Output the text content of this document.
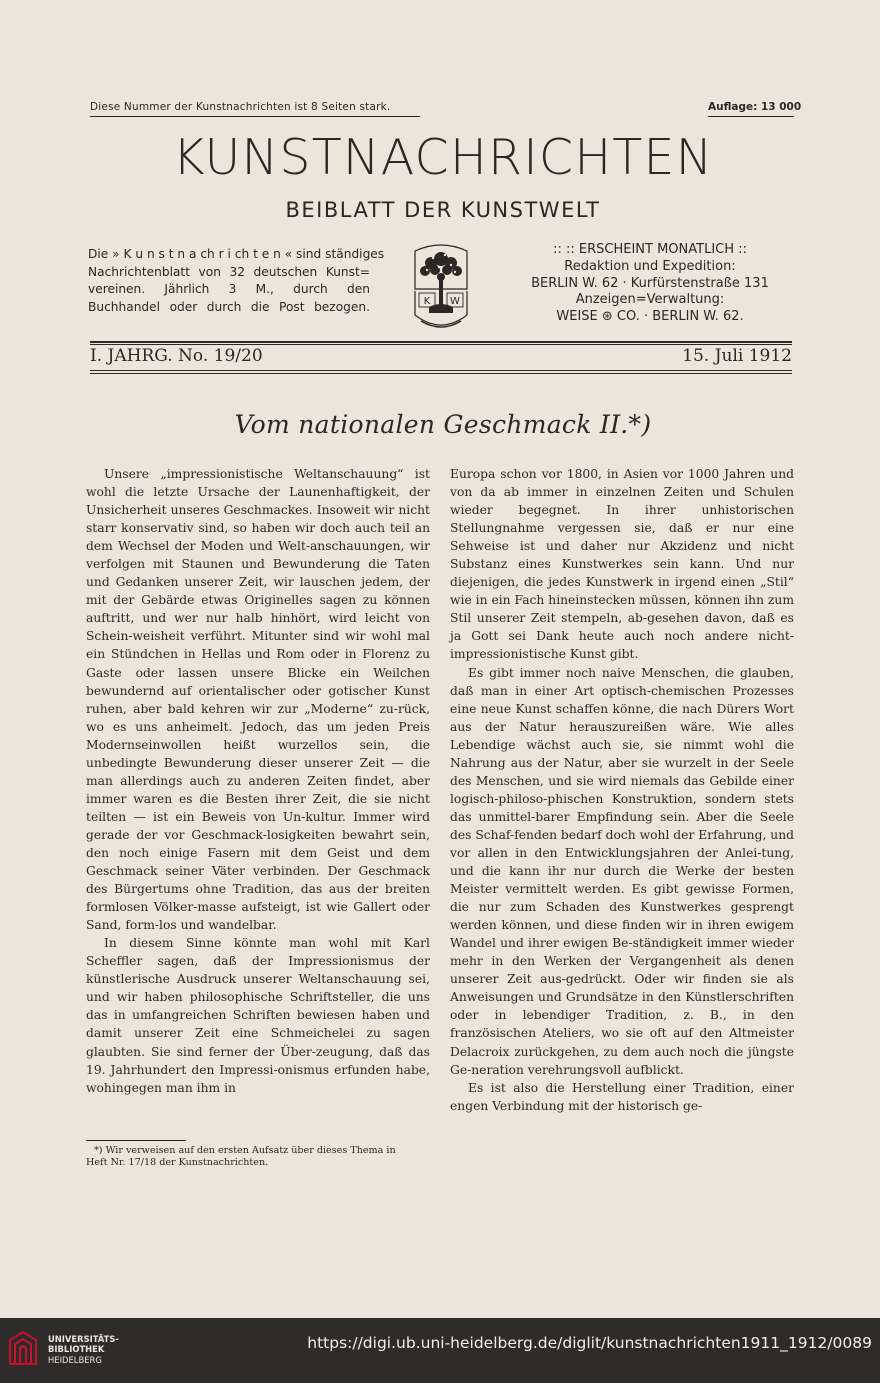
Diese Nummer der Kunstnachrichten ist 8 Seiten stark.	Auflage: 13 000
KUNSTNACHRICHTEN
BEIBLATT DER KUNSTWELT
Die » K u n s t n a ch r i ch t e n « sind ständiges
Nachrichtenblatt von 32 deutschen Kunst=
vereinen. Jährlich 3 M., durch den
Buchhandel oder durch die Post bezogen.	K W
:: :: ERSCHEINT MONATLICH ::
Redaktion und Expedition:
BERLIN W. 62 · Kurfürstenstraße 131
Anzeigen=Verwaltung:
WEISE ⊛ CO. · BERLIN W. 62.
I. JAHRG. No. 19/20	15. Juli 1912
Vom nationalen Geschmack II.*)

Unsere „impressionistische Weltanschauung“ ist wohl die letzte Ursache der Launenhaftigkeit, der Unsicherheit unseres Geschmackes. Insoweit wir nicht starr konservativ sind, so haben wir doch auch teil an dem Wechsel der Moden und Welt-anschauungen, wir verfolgen mit Staunen und Bewunderung die Taten und Gedanken unserer Zeit, wir lauschen jedem, der mit der Gebärde etwas Originelles sagen zu können auftritt, und wer nur halb hinhört, wird leicht von Schein-weisheit verführt. Mitunter sind wir wohl mal ein Stündchen in Hellas und Rom oder in Florenz zu Gaste oder lassen unsere Blicke ein Weilchen bewundernd auf orientalischer oder gotischer Kunst ruhen, aber bald kehren wir zur „Moderne“ zu-rück, wo es uns anheimelt. Jedoch, das um jeden Preis Modernseinwollen heißt wurzellos sein, die unbedingte Bewunderung dieser unserer Zeit — die man allerdings auch zu anderen Zeiten findet, aber immer waren es die Besten ihrer Zeit, die sie nicht teilten — ist ein Beweis von Un-kultur. Immer wird gerade der vor Geschmack-losigkeiten bewahrt sein, den noch einige Fasern mit dem Geist und dem Geschmack seiner Väter verbinden. Der Geschmack des Bürgertums ohne Tradition, das aus der breiten formlosen Völker-masse aufsteigt, ist wie Gallert oder Sand, form-los und wandelbar.

In diesem Sinne könnte man wohl mit Karl Scheffler sagen, daß der Impressionismus der künstlerische Ausdruck unserer Weltanschauung sei, und wir haben philosophische Schriftsteller, die uns das in umfangreichen Schriften bewiesen haben und damit unserer Zeit eine Schmeichelei zu sagen glaubten. Sie sind ferner der Über-zeugung, daß das 19. Jahrhundert den Impressi-onismus erfunden habe, wohingegen man ihm in

Europa schon vor 1800, in Asien vor 1000 Jahren und von da ab immer in einzelnen Zeiten und Schulen wieder begegnet. In ihrer unhistorischen Stellungnahme vergessen sie, daß er nur eine Sehweise ist und daher nur Akzidenz und nicht Substanz eines Kunstwerkes sein kann. Und nur diejenigen, die jedes Kunstwerk in irgend einen „Stil“ wie in ein Fach hineinstecken müssen, können ihn zum Stil unserer Zeit stempeln, ab-gesehen davon, daß es ja Gott sei Dank heute auch noch andere nicht-impressionistische Kunst gibt.

Es gibt immer noch naive Menschen, die glauben, daß man in einer Art optisch-chemischen Prozesses eine neue Kunst schaffen könne, die nach Dürers Wort aus der Natur herauszureißen wäre. Wie alles Lebendige wächst auch sie, sie nimmt wohl die Nahrung aus der Natur, aber sie wurzelt in der Seele des Menschen, und sie wird niemals das Gebilde einer logisch-philoso-phischen Konstruktion, sondern stets das unmittel-barer Empfindung sein. Aber die Seele des Schaf-fenden bedarf doch wohl der Erfahrung, und vor allen in den Entwicklungsjahren der Anlei-tung, und die kann ihr nur durch die Werke der besten Meister vermittelt werden. Es gibt gewisse Formen, die nur zum Schaden des Kunstwerkes gesprengt werden können, und diese finden wir in ihren ewigem Wandel und ihrer ewigen Be-ständigkeit immer wieder mehr in den Werken der Vergangenheit als denen unserer Zeit aus-gedrückt. Oder wir finden sie als Anweisungen und Grundsätze in den Künstlerschriften oder in lebendiger Tradition, z. B., in den französischen Ateliers, wo sie oft auf den Altmeister Delacroix zurückgehen, zu dem auch noch die jüngste Ge-neration verehrungsvoll aufblickt.

Es ist also die Herstellung einer Tradition, einer engen Verbindung mit der historisch ge-

*) Wir verweisen auf den ersten Aufsatz über dieses Thema in
Heft Nr. 17/18 der Kunstnachrichten.
UNIVERSITÄTS-
BIBLIOTHEK
HEIDELBERG
https://digi.ub.uni-heidelberg.de/diglit/kunstnachrichten1911_1912/0089
